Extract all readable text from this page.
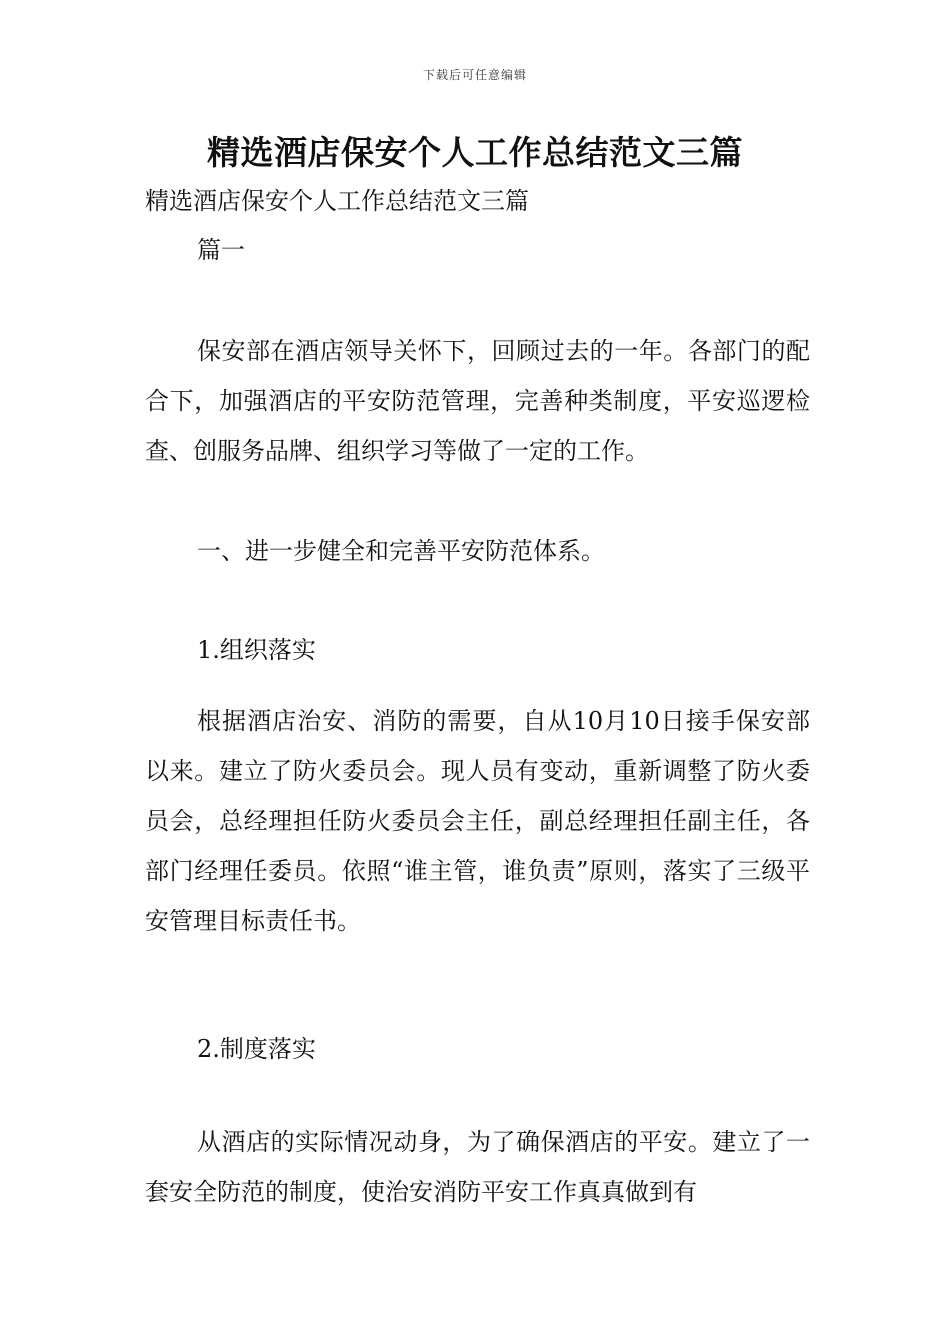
下载后可任意编辑
精选酒店保安个人工作总结范文三篇

精选酒店保安个人工作总结范文三篇

篇一

保安部在酒店领导关怀下，回顾过去的一年。各部门的配合下，加强酒店的平安防范管理，完善种类制度，平安巡逻检查、创服务品牌、组织学习等做了一定的工作。

一、进一步健全和完善平安防范体系。

1.组织落实

根据酒店治安、消防的需要，自从10月10日接手保安部以来。建立了防火委员会。现人员有变动，重新调整了防火委员会，总经理担任防火委员会主任，副总经理担任副主任，各部门经理任委员。依照“谁主管，谁负责”原则，落实了三级平安管理目标责任书。

2.制度落实

从酒店的实际情况动身，为了确保酒店的平安。建立了一套安全防范的制度，使治安消防平安工作真真做到有
